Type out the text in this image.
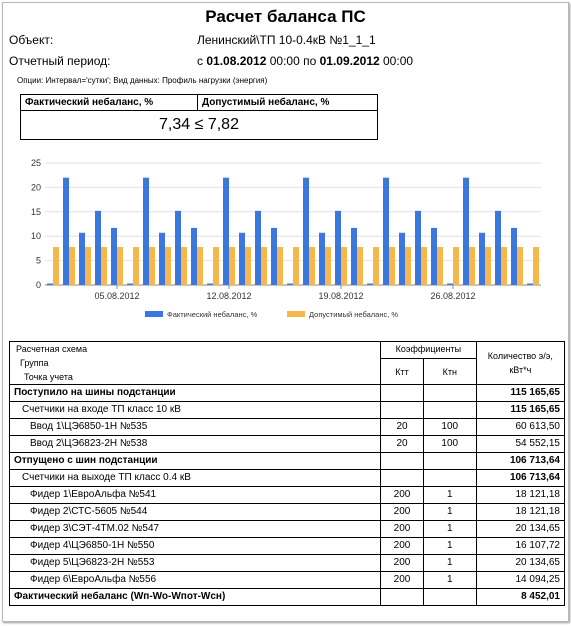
Расчет баланса ПС
Объект:	Ленинский\ТП 10-0.4кВ №1_1_1
Отчетный период:	с 01.08.2012 00:00 по 01.09.2012 00:00
Опции: Интервал='сутки'; Вид данных: Профиль нагрузки (энергия)
Фактический небаланс, %	Допустимый небаланс, %
7,34 ≤ 7,82
0
5
10
15
20
25
05.08.2012	12.08.2012	19.08.2012	26.08.2012
Фактический небаланс, %	Допустимый небаланс, %
Расчетная схема
Группа
Точка учета	Коэффициенты		Количество э/э, кВт*ч
	Ктт	Ктн	
Поступило на шины подстанции			115 165,65
Счетчики на входе ТП класс 10 кВ			115 165,65
Ввод 1\ЦЭ6850-1Н №535	20	100	60 613,50
Ввод 2\ЦЭ6823-2Н №538	20	100	54 552,15
Отпущено с шин подстанции			106 713,64
Счетчики на выходе ТП класс 0.4 кВ			106 713,64
Фидер 1\ЕвроАльфа №541	200	1	18 121,18
Фидер 2\СТС-5605 №544	200	1	18 121,18
Фидер 3\СЭТ-4ТМ.02 №547	200	1	20 134,65
Фидер 4\ЦЭ6850-1Н №550	200	1	16 107,72
Фидер 5\ЦЭ6823-2Н №553	200	1	20 134,65
Фидер 6\ЕвроАльфа №556	200	1	14 094,25
Фактический небаланс (Wп-Wo-Wпот-Wсн)			8 452,01
